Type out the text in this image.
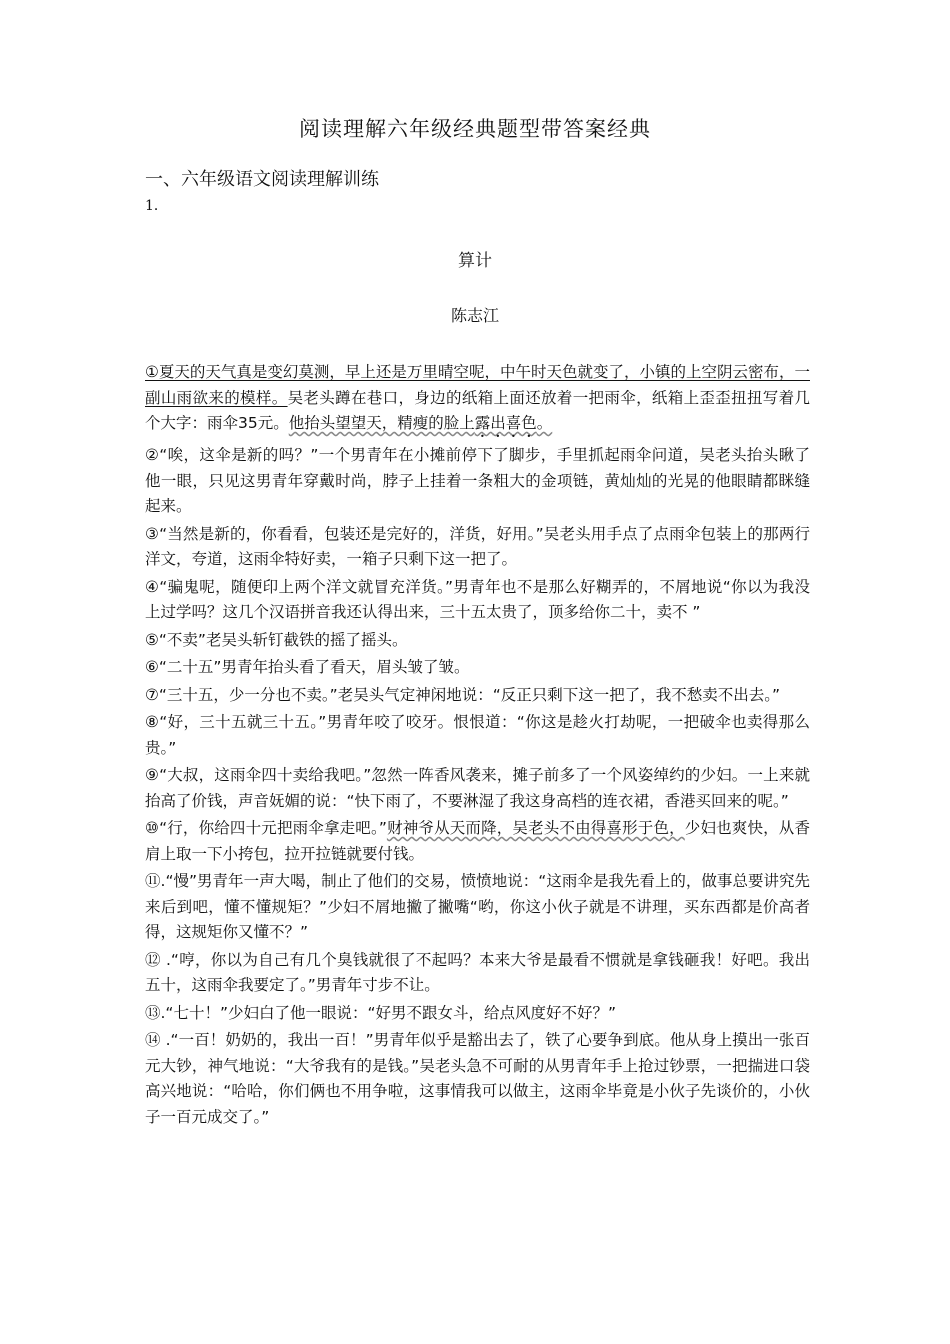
阅读理解六年级经典题型带答案经典
一、六年级语文阅读理解训练
1．
算计
陈志江

①夏天的天气真是变幻莫测，早上还是万里晴空呢，中午时天色就变了，小镇的上空阴云密布，一副山雨欲来的模样。吴老头蹲在巷口，身边的纸箱上面还放着一把雨伞，纸箱上歪歪扭扭写着几个大字：雨伞35元。他抬头望望天，精瘦的脸上露出喜色。

②“唉，这伞是新的吗？”一个男青年在小摊前停下了脚步，手里抓起雨伞问道，吴老头抬头瞅了他一眼，只见这男青年穿戴时尚，脖子上挂着一条粗大的金项链，黄灿灿的光晃的他眼睛都眯缝起来。

③“当然是新的，你看看，包装还是完好的，洋货，好用。”吴老头用手点了点雨伞包装上的那两行洋文，夸道，这雨伞特好卖，一箱子只剩下这一把了。

④“骗鬼呢，随便印上两个洋文就冒充洋货。”男青年也不是那么好糊弄的，不屑地说“你以为我没上过学吗？这几个汉语拼音我还认得出来，三十五太贵了，顶多给你二十，卖不 ”

⑤“不卖”老吴头斩钉截铁的摇了摇头。

⑥“二十五”男青年抬头看了看天，眉头皱了皱。

⑦“三十五，少一分也不卖。”老吴头气定神闲地说：“反正只剩下这一把了，我不愁卖不出去。”

⑧“好，三十五就三十五。”男青年咬了咬牙。恨恨道：“你这是趁火打劫呢，一把破伞也卖得那么贵。”

⑨“大叔，这雨伞四十卖给我吧。”忽然一阵香风袭来，摊子前多了一个风姿绰约的少妇。一上来就抬高了价钱，声音妩媚的说：“快下雨了，不要淋湿了我这身高档的连衣裙，香港买回来的呢。”

⑩“行，你给四十元把雨伞拿走吧。”财神爷从天而降，吴老头不由得喜形于色，少妇也爽快，从香肩上取一下小挎包，拉开拉链就要付钱。

⑪.“慢”男青年一声大喝，制止了他们的交易，愤愤地说：“这雨伞是我先看上的，做事总要讲究先来后到吧，懂不懂规矩？”少妇不屑地撇了撇嘴“哟，你这小伙子就是不讲理，买东西都是价高者得，这规矩你又懂不？”

⑫ .“哼，你以为自己有几个臭钱就很了不起吗？本来大爷是最看不惯就是拿钱砸我！好吧。我出五十，这雨伞我要定了。”男青年寸步不让。

⑬.“七十！”少妇白了他一眼说：“好男不跟女斗，给点风度好不好？”

⑭ .“一百！奶奶的，我出一百！”男青年似乎是豁出去了，铁了心要争到底。他从身上摸出一张百元大钞，神气地说：“大爷我有的是钱。”吴老头急不可耐的从男青年手上抢过钞票，一把揣进口袋高兴地说：“哈哈，你们俩也不用争啦，这事情我可以做主，这雨伞毕竟是小伙子先谈价的，小伙子一百元成交了。”
